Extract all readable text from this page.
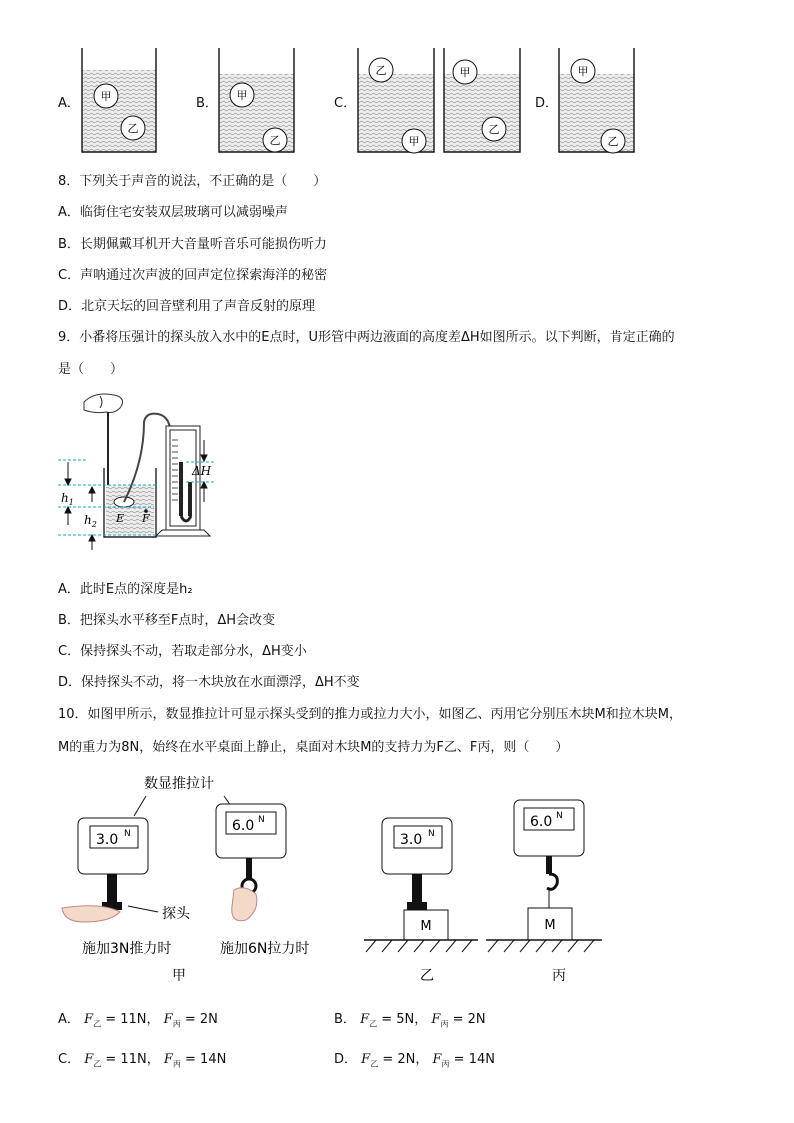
甲
乙
甲
乙
乙
甲
甲
乙
甲
乙
A．	B．	C．	D．
8．下列关于声音的说法，不正确的是（　　）
A．临街住宅安装双层玻璃可以减弱噪声
B．长期佩戴耳机开大音量听音乐可能损伤听力
C．声呐通过次声波的回声定位探索海洋的秘密
D．北京天坛的回音壁利用了声音反射的原理
9．小番将压强计的探头放入水中的E点时，U形管中两边液面的高度差ΔH如图所示。以下判断，肯定正确的
是（　　）
ΔH
$h_1$
$h_2$ E F
A．此时E点的深度是h₂
B．把探头水平移至F点时，ΔH会改变
C．保持探头不动，若取走部分水，ΔH变小
D．保持探头不动，将一木块放在水面漂浮，ΔH不变
10．如图甲所示，数显推拉计可显示探头受到的推力或拉力大小，如图乙、丙用它分别压木块M和拉木块M，
M的重力为8N，始终在水平桌面上静止，桌面对木块M的支持力为F乙、F丙，则（　　）
数显推拉计
3.0 N
探头
6.0 N
施加3N推力时	施加6N拉力时
甲
3.0 N
M
乙
6.0 N
M
丙
A． $F_乙 = 11N$， $F_丙 = 2N$	B． $F_乙 = 5N$， $F_丙 = 2N$
C． $F_乙 = 11N$， $F_丙 = 14N$	D． $F_乙 = 2N$， $F_丙 = 14N$
